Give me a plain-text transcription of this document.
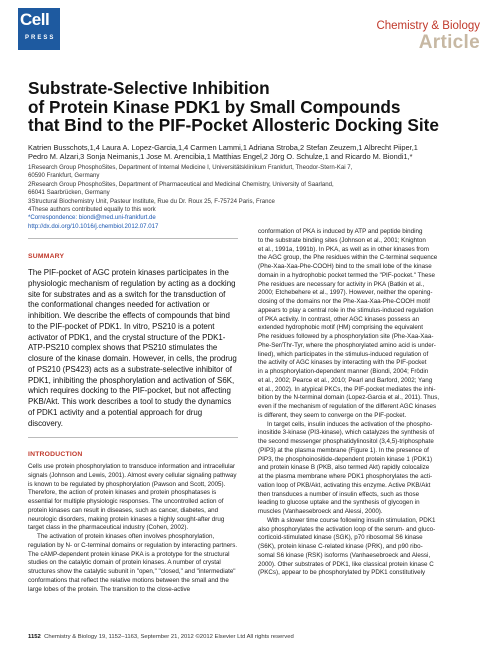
Cell
PRESS
Chemistry & Biology
Article
Substrate-Selective Inhibition
of Protein Kinase PDK1 by Small Compounds
that Bind to the PIF-Pocket Allosteric Docking Site
Katrien Busschots,1,4 Laura A. Lopez-Garcia,1,4 Carmen Lammi,1 Adriana Stroba,2 Stefan Zeuzem,1 Albrecht Piiper,1
Pedro M. Alzari,3 Sonja Neimanis,1 Jose M. Arencibia,1 Matthias Engel,2 Jörg O. Schulze,1 and Ricardo M. Biondi1,*
1Research Group PhosphoSites, Department of Internal Medicine I, Universitätsklinikum Frankfurt, Theodor-Stern-Kai 7,
60590 Frankfurt, Germany
2Research Group PhosphoSites, Department of Pharmaceutical and Medicinal Chemistry, University of Saarland,
66041 Saarbrücken, Germany
3Structural Biochemistry Unit, Pasteur Institute, Rue du Dr. Roux 25, F-75724 Paris, France
4These authors contributed equally to this work
*Correspondence: biondi@med.uni-frankfurt.de
http://dx.doi.org/10.1016/j.chembiol.2012.07.017
SUMMARY
The PIF-pocket of AGC protein kinases participates in the physiologic mechanism of regulation by acting as a docking site for substrates and as a switch for the transduction of the conformational changes needed for activation or inhibition. We describe the effects of compounds that bind to the PIF-pocket of PDK1. In vitro, PS210 is a potent activator of PDK1, and the crystal structure of the PDK1-ATP-PS210 complex shows that PS210 stimulates the closure of the kinase domain. However, in cells, the prodrug of PS210 (PS423) acts as a substrate-selective inhibitor of PDK1, inhibiting the phosphorylation and activation of S6K, which requires docking to the PIF-pocket, but not affecting PKB/Akt. This work describes a tool to study the dynamics of PDK1 activity and a potential approach for drug discovery.
INTRODUCTION

Cells use protein phosphorylation to transduce information and intracellular signals (Johnson and Lewis, 2001). Almost every cellular signaling pathway is known to be regulated by phosphorylation (Pawson and Scott, 2005). Therefore, the action of protein kinases and protein phosphatases is essential for multiple physiologic responses. The uncontrolled action of protein kinases can result in diseases, such as cancer, diabetes, and neurologic disorders, making protein kinases a highly sought-after drug target class in the pharmaceutical industry (Cohen, 2002).

The activation of protein kinases often involves phosphorylation, regulation by N- or C-terminal domains or regulation by interacting partners. The cAMP-dependent protein kinase PKA is a prototype for the structural studies on the catalytic domain of protein kinases. A number of crystal structures show the catalytic subunit in "open," "closed," and "intermediate" conformations that reflect the relative motions between the small and the large lobes of the protein. The transition to the close-active

conformation of PKA is induced by ATP and peptide binding
to the substrate binding sites (Johnson et al., 2001; Knighton
et al., 1991a, 1991b). In PKA, as well as in other kinases from
the AGC group, the Phe residues within the C-terminal sequence
(Phe-Xaa-Xaa-Phe-COOH) bind to the small lobe of the kinase
domain in a hydrophobic pocket termed the "PIF-pocket." These
Phe residues are necessary for activity in PKA (Batkin et al.,
2000; Etchebehere et al., 1997). However, neither the opening-
closing of the domains nor the Phe-Xaa-Xaa-Phe-COOH motif
appears to play a central role in the stimulus-induced regulation
of PKA activity. In contrast, other AGC kinases possess an
extended hydrophobic motif (HM) comprising the equivalent
Phe residues followed by a phosphorylation site (Phe-Xaa-Xaa-
Phe-Ser/Thr-Tyr, where the phosphorylated amino acid is under-
lined), which participates in the stimulus-induced regulation of
the activity of AGC kinases by interacting with the PIF-pocket
in a phosphorylation-dependent manner (Biondi, 2004; Frödin
et al., 2002; Pearce et al., 2010; Pearl and Barford, 2002; Yang
et al., 2002). In atypical PKCs, the PIF-pocket mediates the inhi-
bition by the N-terminal domain (Lopez-Garcia et al., 2011). Thus,
even if the mechanism of regulation of the different AGC kinases
is different, they seem to converge on the PIF-pocket.
In target cells, insulin induces the activation of the phospho-
inositide 3-kinase (PI3-kinase), which catalyzes the synthesis of
the second messenger phosphatidylinositol (3,4,5)-triphosphate
(PIP3) at the plasma membrane (Figure 1). In the presence of
PIP3, the phosphoinositide-dependent protein kinase 1 (PDK1)
and protein kinase B (PKB, also termed Akt) rapidly colocalize
at the plasma membrane where PDK1 phosphorylates the acti-
vation loop of PKB/Akt, activating this enzyme. Active PKB/Akt
then transduces a number of insulin effects, such as those
leading to glucose uptake and the synthesis of glycogen in
muscles (Vanhaesebroeck and Alessi, 2000).
With a slower time course following insulin stimulation, PDK1
also phosphorylates the activation loop of the serum- and gluco-
corticoid-stimulated kinase (SGK), p70 ribosomal S6 kinase
(S6K), protein kinase C-related kinase (PRK), and p90 ribo-
somal S6 kinase (RSK) isoforms (Vanhaesebroeck and Alessi,
2000). Other substrates of PDK1, like classical protein kinase C
(PKCs), appear to be phosphorylated by PDK1 constitutively
1152 Chemistry & Biology 19, 1152–1163, September 21, 2012 ©2012 Elsevier Ltd All rights reserved
